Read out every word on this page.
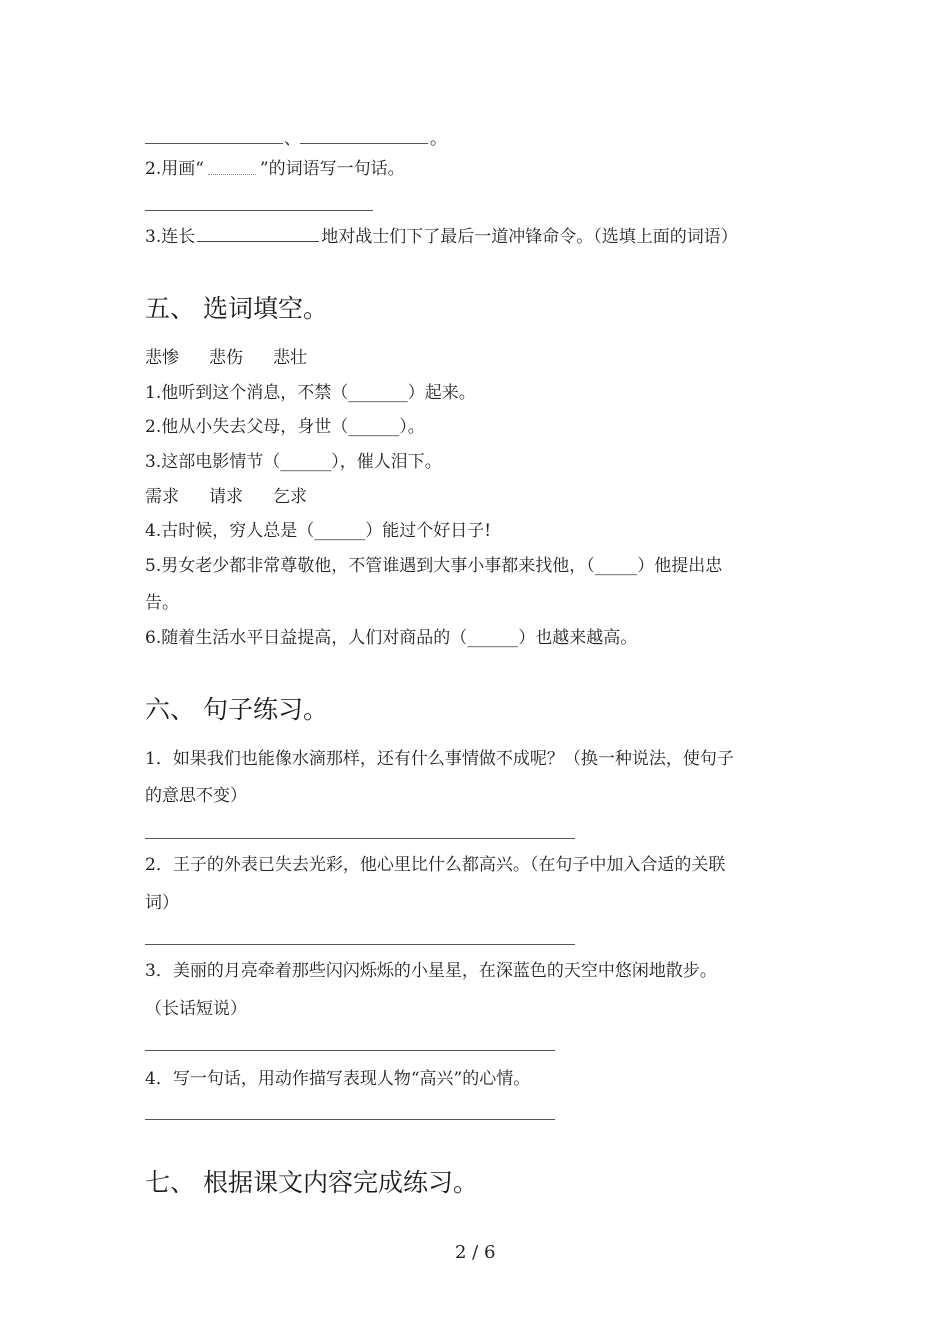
、	。
2.用画“	”的词语写一句话。
3.连长	地对战士们下了最后一道冲锋命令。（选填上面的词语）
五、 选词填空。
悲惨 悲伤 悲壮
1.他听到这个消息，不禁（_______）起来。
2.他从小失去父母，身世（______）。
3.这部电影情节（______），催人泪下。
需求 请求 乞求
4.古时候，穷人总是（______）能过个好日子!
5.男女老少都非常尊敬他，不管谁遇到大事小事都来找他，（_____）他提出忠
告。
6.随着生活水平日益提高，人们对商品的（______）也越来越高。
六、 句子练习。
1．如果我们也能像水滴那样，还有什么事情做不成呢？（换一种说法，使句子
的意思不变）
2．王子的外表已失去光彩，他心里比什么都高兴。（在句子中加入合适的关联
词）
3．美丽的月亮牵着那些闪闪烁烁的小星星，在深蓝色的天空中悠闲地散步。
（长话短说）
4．写一句话，用动作描写表现人物“高兴”的心情。
七、 根据课文内容完成练习。
2 / 6
